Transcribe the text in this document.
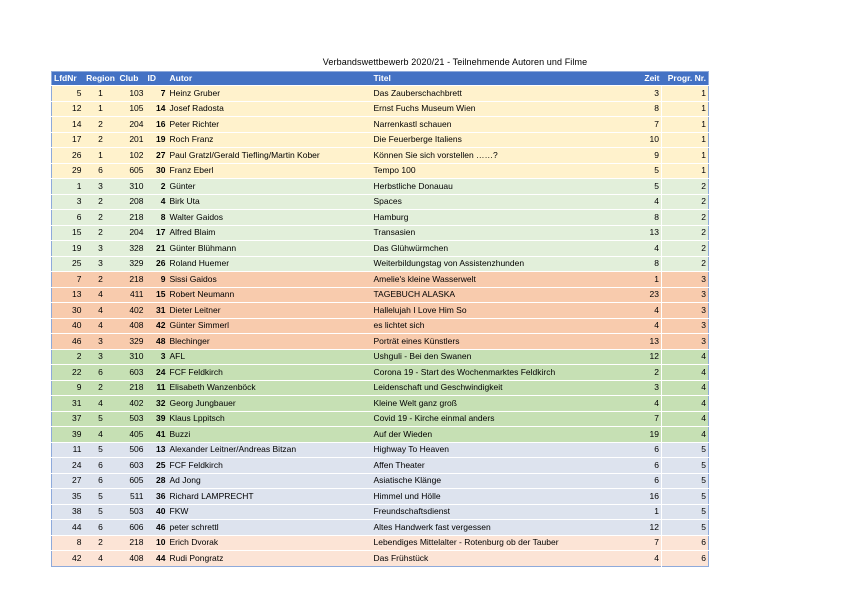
Verbandswettbewerb 2020/21 - Teilnehmende Autoren und Filme
LfdNr	Region	Club	ID	Autor	Titel	Zeit	Progr. Nr.
5	1	103	7	Heinz Gruber	Das Zauberschachbrett	3	1
12	1	105	14	Josef Radosta	Ernst Fuchs Museum Wien	8	1
14	2	204	16	Peter Richter	Narrenkastl schauen	7	1
17	2	201	19	Roch Franz	Die Feuerberge Italiens	10	1
26	1	102	27	Paul Gratzl/Gerald Tiefling/Martin Kober	Können Sie sich vorstellen ……?	9	1
29	6	605	30	Franz Eberl	Tempo 100	5	1
1	3	310	2	Günter	Herbstliche Donauau	5	2
3	2	208	4	Birk Uta	Spaces	4	2
6	2	218	8	Walter Gaidos	Hamburg	8	2
15	2	204	17	Alfred Blaim	Transasien	13	2
19	3	328	21	Günter Blühmann	Das Glühwürmchen	4	2
25	3	329	26	Roland Huemer	Weiterbildungstag von Assistenzhunden	8	2
7	2	218	9	Sissi Gaidos	Amelie's kleine Wasserwelt	1	3
13	4	411	15	Robert Neumann	TAGEBUCH ALASKA	23	3
30	4	402	31	Dieter Leitner	Hallelujah I Love Him So	4	3
40	4	408	42	Günter Simmerl	es lichtet sich	4	3
46	3	329	48	Blechinger	Porträt eines Künstlers	13	3
2	3	310	3	AFL	Ushguli - Bei den Swanen	12	4
22	6	603	24	FCF Feldkirch	Corona 19 - Start des Wochenmarktes Feldkirch	2	4
9	2	218	11	Elisabeth Wanzenböck	Leidenschaft und Geschwindigkeit	3	4
31	4	402	32	Georg Jungbauer	Kleine Welt ganz groß	4	4
37	5	503	39	Klaus Lppitsch	Covid 19 - Kirche einmal anders	7	4
39	4	405	41	Buzzi	Auf der Wieden	19	4
11	5	506	13	Alexander Leitner/Andreas Bitzan	Highway To Heaven	6	5
24	6	603	25	FCF Feldkirch	Affen Theater	6	5
27	6	605	28	Ad Jong	Asiatische Klänge	6	5
35	5	511	36	Richard LAMPRECHT	Himmel und Hölle	16	5
38	5	503	40	FKW	Freundschaftsdienst	1	5
44	6	606	46	peter schrettl	Altes Handwerk fast vergessen	12	5
8	2	218	10	Erich Dvorak	Lebendiges Mittelalter - Rotenburg ob der Tauber	7	6
42	4	408	44	Rudi Pongratz	Das Frühstück	4	6
